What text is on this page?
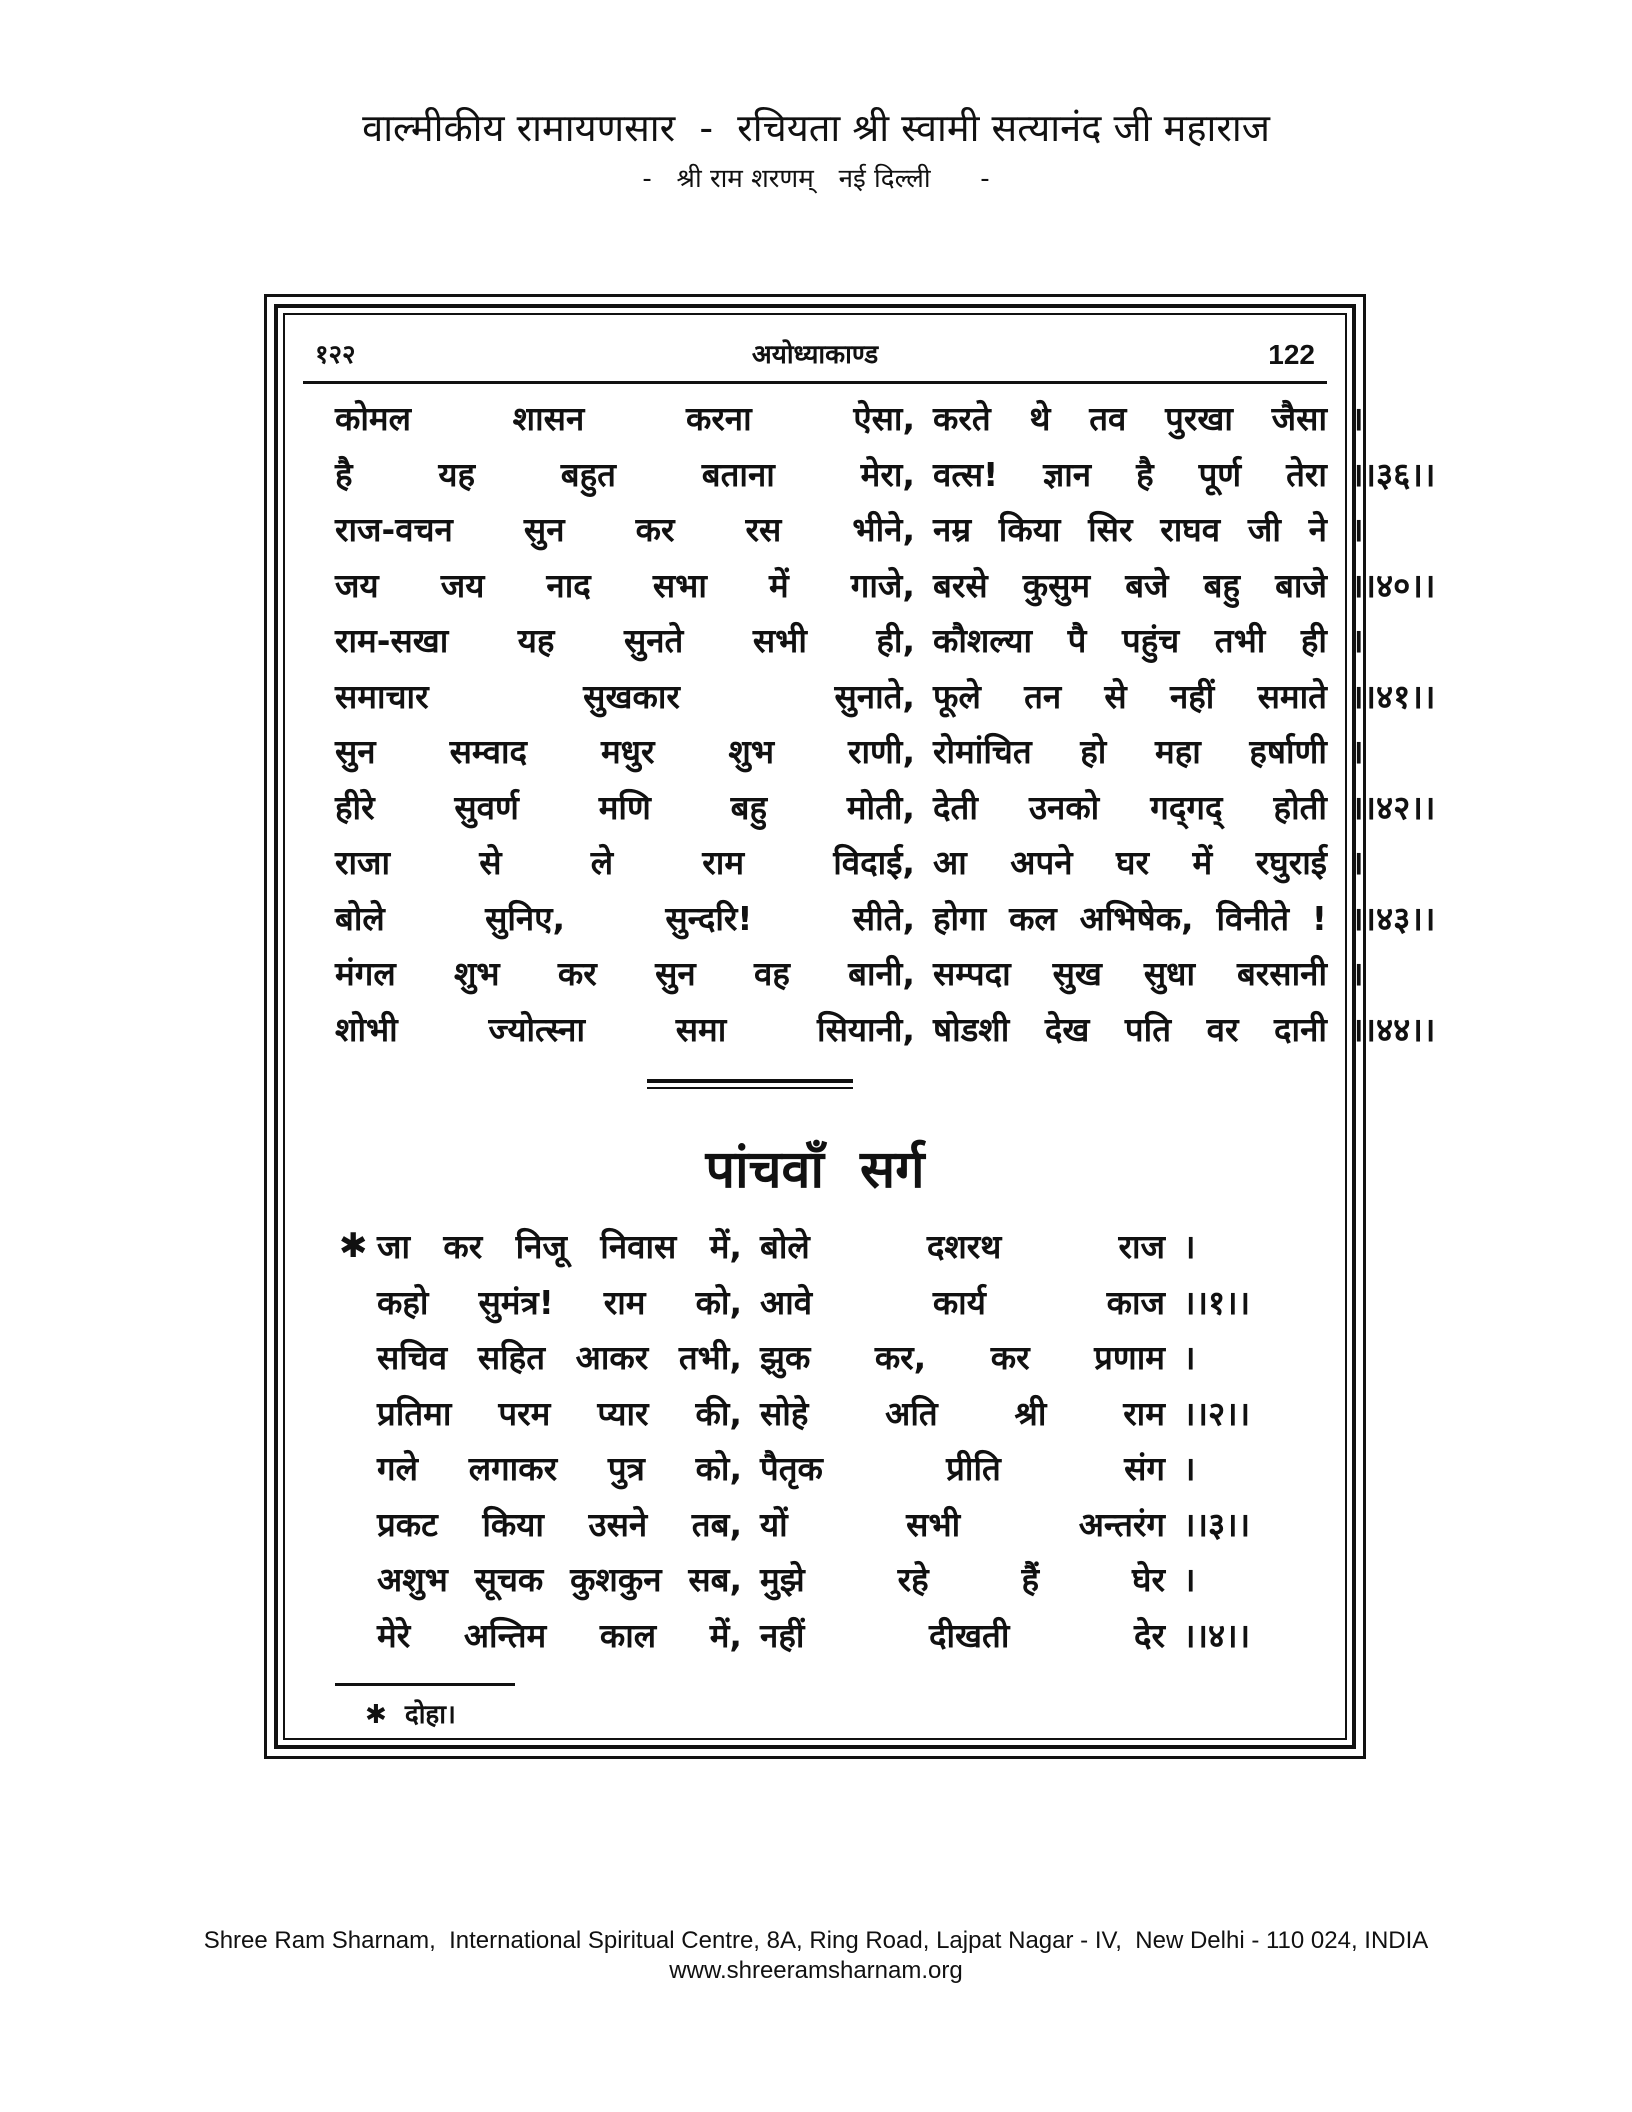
वाल्मीकीय रामायणसार  -  रचियता श्री स्वामी सत्यानंद जी महाराज
-   श्री राम शरणम्   नई दिल्ली      -
१२२	अयोध्याकाण्ड	122
कोमल	शासन	करना	ऐसा, करते थे तव पुरखा जैसा ।
है	यह	बहुत	बताना	मेरा, वत्स! ज्ञान है पूर्ण तेरा ।।३६।।
राज-वचन सुन कर रस भीने, नम्र किया सिर राघव जी ने ।
जय जय नाद सभा में गाजे, बरसे कुसुम बजे बहु बाजे ।।४०।।
राम-सखा यह सुनते सभी ही, कौशल्या पै पहुंच तभी ही ।
समाचार	सुखकार	सुनाते, फूले तन से नहीं समाते ।।४१।।
सुन सम्वाद मधुर शुभ राणी, रोमांचित हो महा हर्षाणी ।
हीरे सुवर्ण मणि बहु मोती, देती उनको गद्‌गद् होती ।।४२।।
राजा	से	ले	राम	विदाई, आ अपने घर में रघुराई ।
बोले	सुनिए,	सुन्दरि!	सीते, होगा कल अभिषेक, विनीते ! ।।४३।।
मंगल शुभ कर सुन वह बानी, सम्पदा सुख सुधा बरसानी ।
शोभी	ज्योत्स्ना	समा	सियानी, षोडशी देख पति वर दानी ।।४४।।
पांचवाँ सर्ग
✱ जा कर निजू निवास में, बोले	दशरथ	राज ।
कहो सुमंत्र! राम को, आवे	कार्य	काज ।।१।।
सचिव सहित आकर तभी, झुक कर, कर प्रणाम ।
प्रतिमा परम प्यार की, सोहे अति श्री राम ।।२।।
गले लगाकर पुत्र को, पैतृक	प्रीति	संग ।
प्रकट किया उसने तब, यों	सभी	अन्तरंग ।।३।।
अशुभ सूचक कुशकुन सब, मुझे	रहे	हैं	घेर ।
मेरे अन्तिम काल में, नहीं	दीखती	देर ।।४।।
✱  दोहा।
Shree Ram Sharnam,  International Spiritual Centre, 8A, Ring Road, Lajpat Nagar - IV,  New Delhi - 110 024, INDIA
www.shreeramsharnam.org
